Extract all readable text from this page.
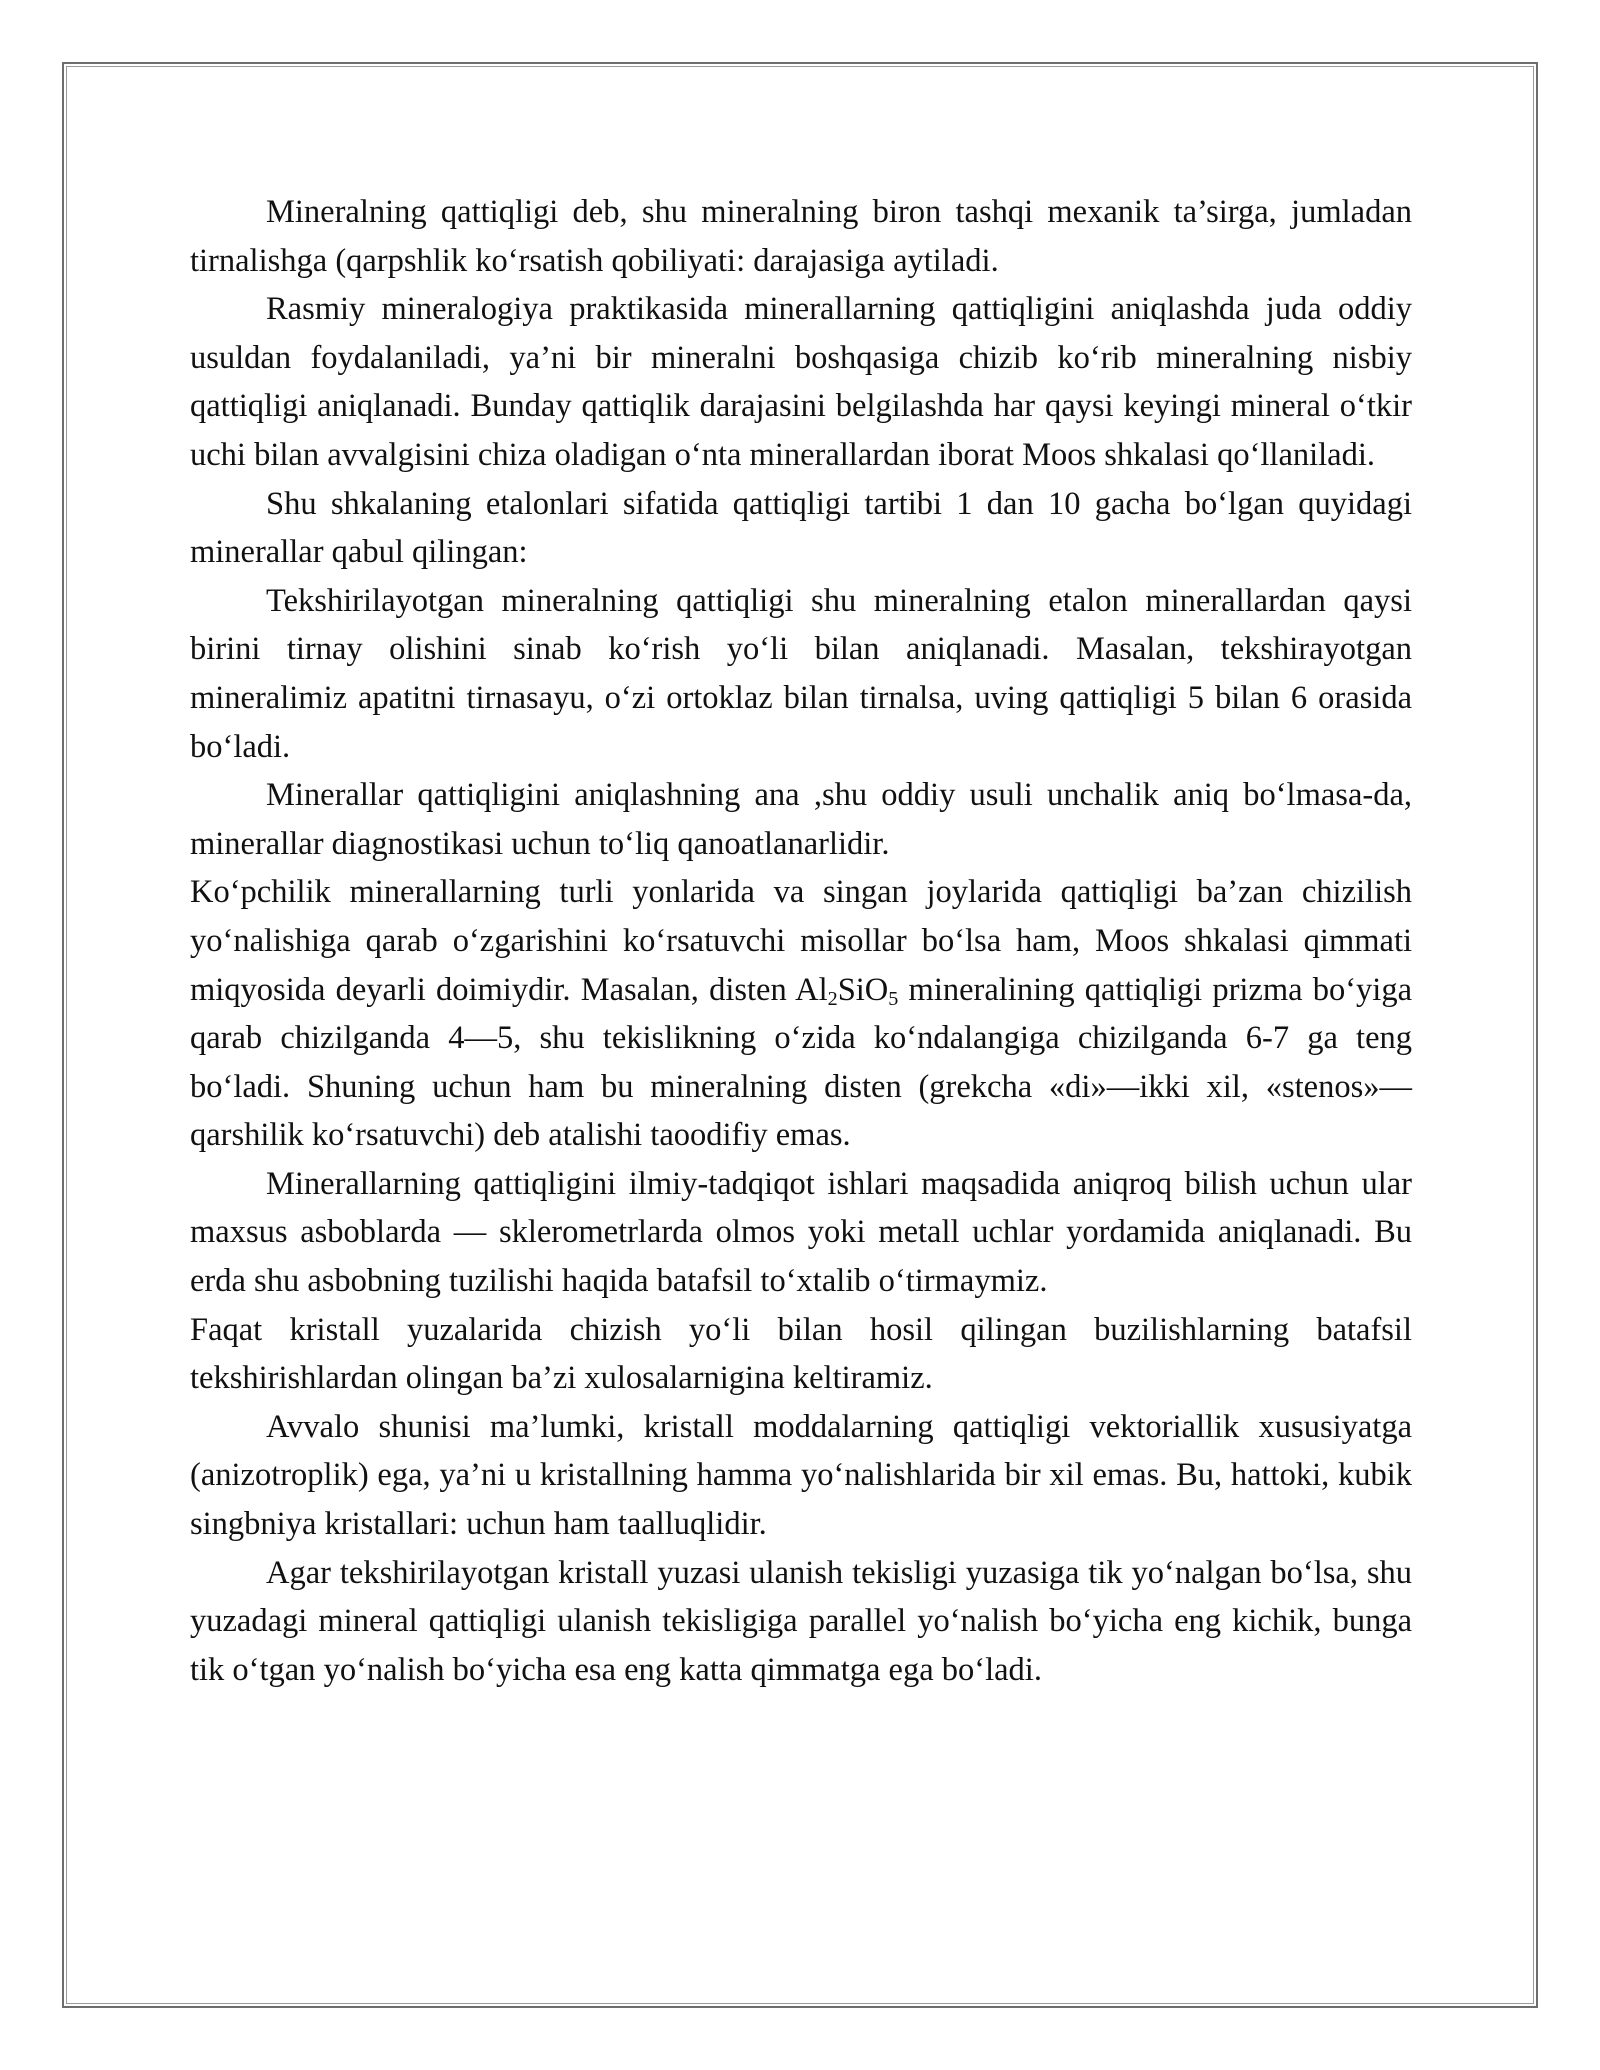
Mineralning qattiqligi deb, shu mineralning biron tashqi mexanik ta’sirga, jumladan tirnalishga (qarpshlik ko‘rsatish qobiliyati: darajasiga aytiladi.

Rasmiy mineralogiya praktikasida minerallarning qattiqligini aniqlashda juda oddiy usuldan foydalaniladi, ya’ni bir mineralni boshqasiga chizib ko‘rib mineralning nisbiy qattiqligi aniqlanadi. Bunday qattiqlik darajasini belgilashda har qaysi keyingi mineral o‘tkir uchi bilan avvalgisini chiza oladigan o‘nta minerallardan iborat Moos shkalasi qo‘llaniladi.

Shu shkalaning etalonlari sifatida qattiqligi tartibi 1 dan 10 gacha bo‘lgan quyidagi minerallar qabul qilingan:

Tekshirilayotgan mineralning qattiqligi shu mineralning etalon minerallardan qaysi birini tirnay olishini sinab ko‘rish yo‘li bilan aniqlanadi. Masalan, tekshirayotgan mineralimiz apatitni tirnasayu, o‘zi ortoklaz bilan tirnalsa, uving qattiqligi 5 bilan 6 orasida bo‘ladi.

Minerallar qattiqligini aniqlashning ana ,shu oddiy usuli unchalik aniq bo‘lmasa-da, minerallar diagnostikasi uchun to‘liq qanoatlanarlidir.

Ko‘pchilik minerallarning turli yonlarida va singan joylarida qattiqligi ba’zan chizilish yo‘nalishiga qarab o‘zgarishini ko‘rsatuvchi misollar bo‘lsa ham, Moos shkalasi qimmati miqyosida deyarli doimiydir. Masalan, disten $Al_2SiO_5$ mineralining qattiqligi prizma bo‘yiga qarab chizilganda 4—5, shu tekislikning o‘zida ko‘ndalangiga chizilganda 6-7 ga teng bo‘ladi. Shuning uchun ham bu mineralning disten (grekcha «di»—ikki xil, «stenos»— qarshilik ko‘rsatuvchi) deb atalishi taoodifiy emas.

Minerallarning qattiqligini ilmiy-tadqiqot ishlari maqsadida aniqroq bilish uchun ular maxsus asboblarda — sklerometrlarda olmos yoki metall uchlar yordamida aniqlanadi. Bu erda shu asbobning tuzilishi haqida batafsil to‘xtalib o‘tirmaymiz.

Faqat kristall yuzalarida chizish yo‘li bilan hosil qilingan buzilishlarning batafsil tekshirishlardan olingan ba’zi xulosalarnigina keltiramiz.

Avvalo shunisi ma’lumki, kristall moddalarning qattiqligi vektoriallik xususiyatga (anizotroplik) ega, ya’ni u kristallning hamma yo‘nalishlarida bir xil emas. Bu, hattoki, kubik singbniya kristallari: uchun ham taalluqlidir.

Agar tekshirilayotgan kristall yuzasi ulanish tekisligi yuzasiga tik yo‘nalgan bo‘lsa, shu yuzadagi mineral qattiqligi ulanish tekisligiga parallel yo‘nalish bo‘yicha eng kichik, bunga tik o‘tgan yo‘nalish bo‘yicha esa eng katta qimmatga ega bo‘ladi.
